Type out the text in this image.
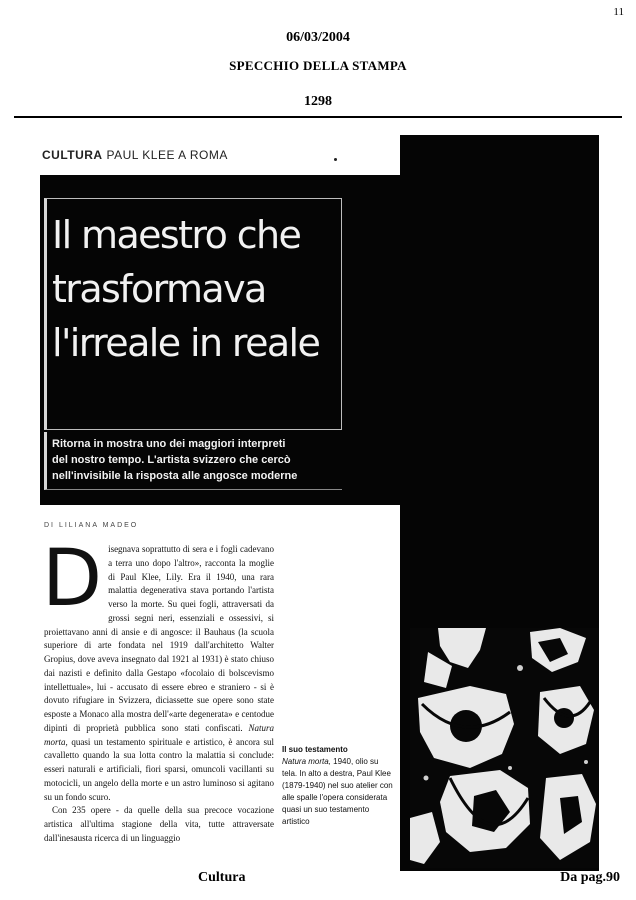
11
06/03/2004
SPECCHIO DELLA STAMPA
1298
CULTURA PAUL KLEE A ROMA
Il maestro che
trasformava
l'irreale in reale
Ritorna in mostra uno dei maggiori interpreti
del nostro tempo. L'artista svizzero che cercò
nell'invisibile la risposta alle angosce moderne
DI LILIANA MADEO

Disegnava soprattutto di sera e i fogli cadevano a terra uno dopo l'altro», racconta la moglie di Paul Klee, Lily. Era il 1940, una rara malattia degenerativa stava portando l'artista verso la morte. Su quei fogli, attraversati da grossi segni neri, essenziali e ossessivi, si proiettavano anni di ansie e di angosce: il Bauhaus (la scuola superiore di arte fondata nel 1919 dall'architetto Walter Gropius, dove aveva insegnato dal 1921 al 1931) è stato chiuso dai nazisti e definito dalla Gestapo «focolaio di bolscevismo intellettuale», lui - accusato di essere ebreo e straniero - si è dovuto rifugiare in Svizzera, diciassette sue opere sono state esposte a Monaco alla mostra dell'«arte degenerata» e centodue dipinti di proprietà pubblica sono stati confiscati. Natura morta, quasi un testamento spirituale e artistico, è ancora sul cavalletto quando la sua lotta contro la malattia si conclude: esseri naturali e artificiali, fiori sparsi, omuncoli vacillanti su motocicli, un angelo della morte e un astro luminoso si agitano su un fondo scuro.

Con 235 opere - da quelle della sua precoce vocazione artistica all'ultima stagione della vita, tutte attraversate dall'inesausta ricerca di un linguaggio

Il suo testamento
Natura morta, 1940, olio su tela. In alto a destra, Paul Klee (1879-1940) nel suo atelier con alle spalle l'opera considerata quasi un suo testamento artistico
Cultura	Da pag.90
